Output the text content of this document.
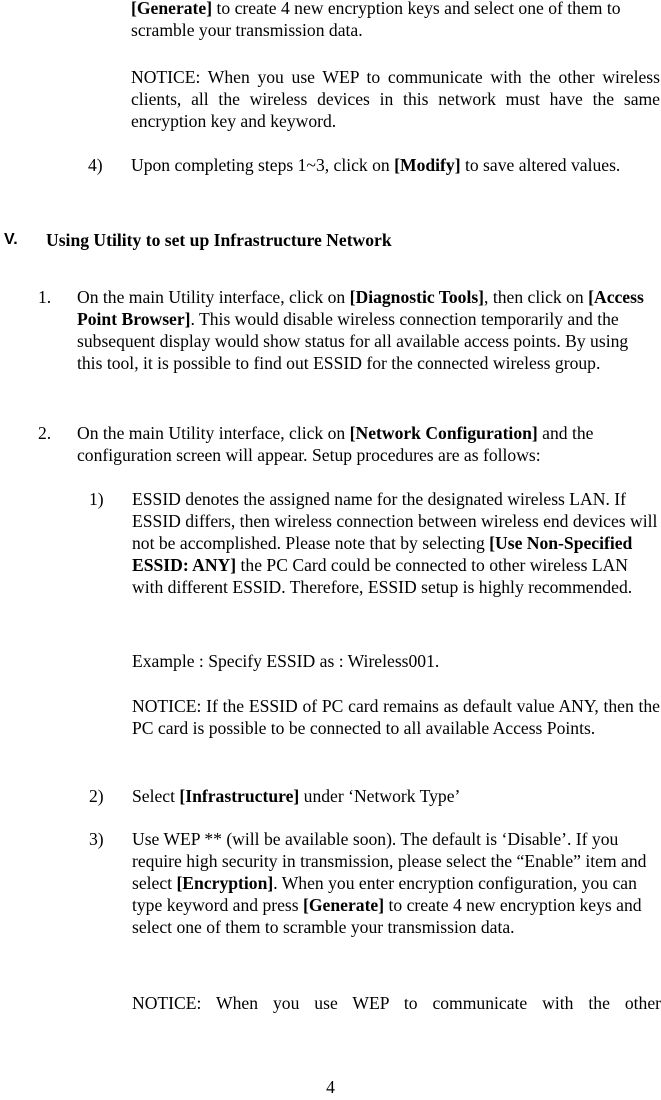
[Generate] to create 4 new encryption keys and select one of them to scramble your transmission data.

NOTICE: When you use WEP to communicate with the other wireless clients, all the wireless devices in this network must have the same encryption key and keyword.

4) Upon completing steps 1~3, click on [Modify] to save altered values.

V. Using Utility to set up Infrastructure Network

1. On the main Utility interface, click on [Diagnostic Tools], then click on [Access Point Browser]. This would disable wireless connection temporarily and the subsequent display would show status for all available access points. By using this tool, it is possible to find out ESSID for the connected wireless group.

2. On the main Utility interface, click on [Network Configuration] and the configuration screen will appear. Setup procedures are as follows:

1) ESSID denotes the assigned name for the designated wireless LAN. If ESSID differs, then wireless connection between wireless end devices will not be accomplished. Please note that by selecting [Use Non-Specified ESSID: ANY] the PC Card could be connected to other wireless LAN with different ESSID. Therefore, ESSID setup is highly recommended.

Example : Specify ESSID as : Wireless001.

NOTICE: If the ESSID of PC card remains as default value ANY, then the PC card is possible to be connected to all available Access Points.

2) Select [Infrastructure] under ‘Network Type’

3) Use WEP ** (will be available soon). The default is ‘Disable’. If you require high security in transmission, please select the “Enable” item and select [Encryption]. When you enter encryption configuration, you can type keyword and press [Generate] to create 4 new encryption keys and select one of them to scramble your transmission data.

NOTICE: When you use WEP to communicate with the other

4
